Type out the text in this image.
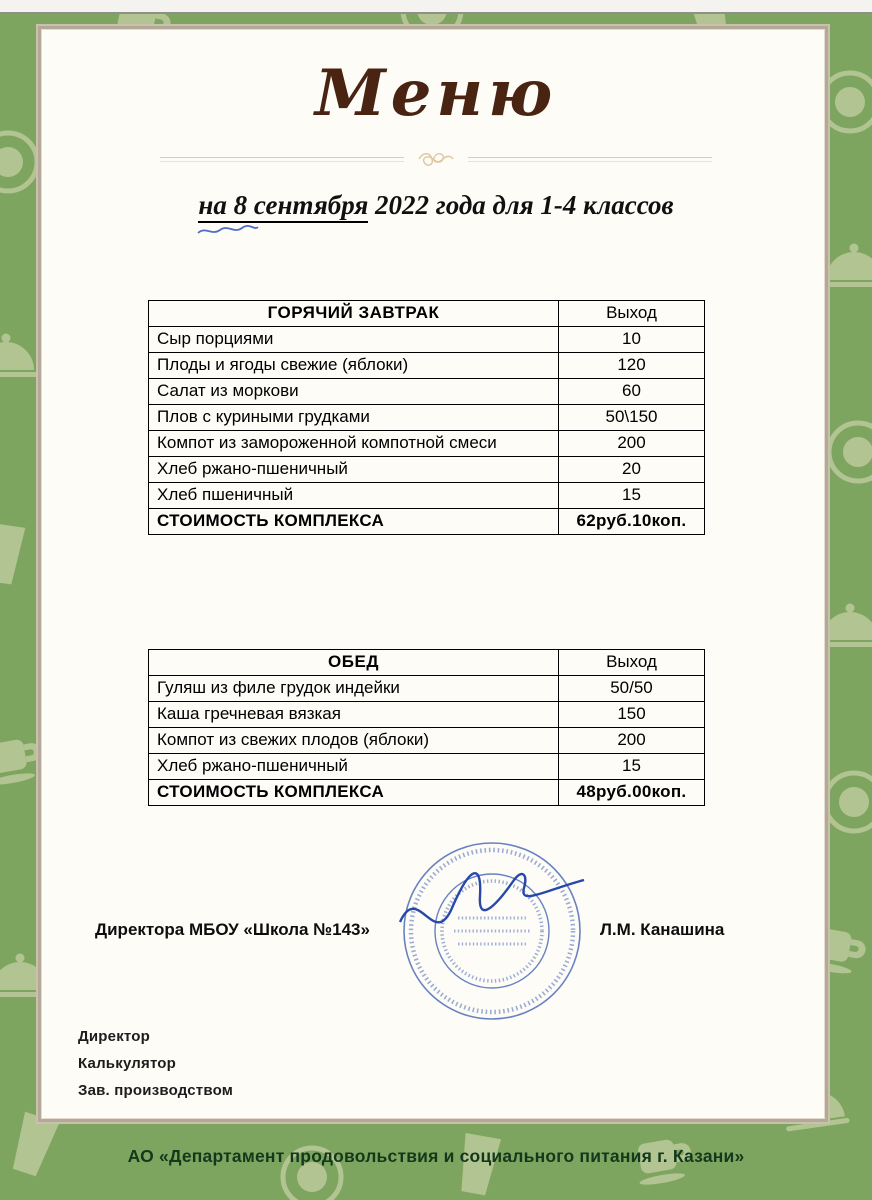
Меню
на 8 сентября 2022 года для 1-4 классов
ГОРЯЧИЙ ЗАВТРАК	Выход
Сыр порциями	10
Плоды и ягоды свежие (яблоки)	120
Салат из моркови	60
Плов с куриными грудками	50\150
Компот из замороженной компотной смеси	200
Хлеб ржано-пшеничный	20
Хлеб пшеничный	15
СТОИМОСТЬ КОМПЛЕКСА	62руб.10коп.
ОБЕД	Выход
Гуляш из филе грудок индейки	50/50
Каша гречневая вязкая	150
Компот из свежих плодов (яблоки)	200
Хлеб ржано-пшеничный	15
СТОИМОСТЬ КОМПЛЕКСА	48руб.00коп.
Директора МБОУ «Школа №143»	Л.М. Канашина
Директор
Калькулятор
Зав. производством
АО «Департамент продовольствия и социального питания г. Казани»
